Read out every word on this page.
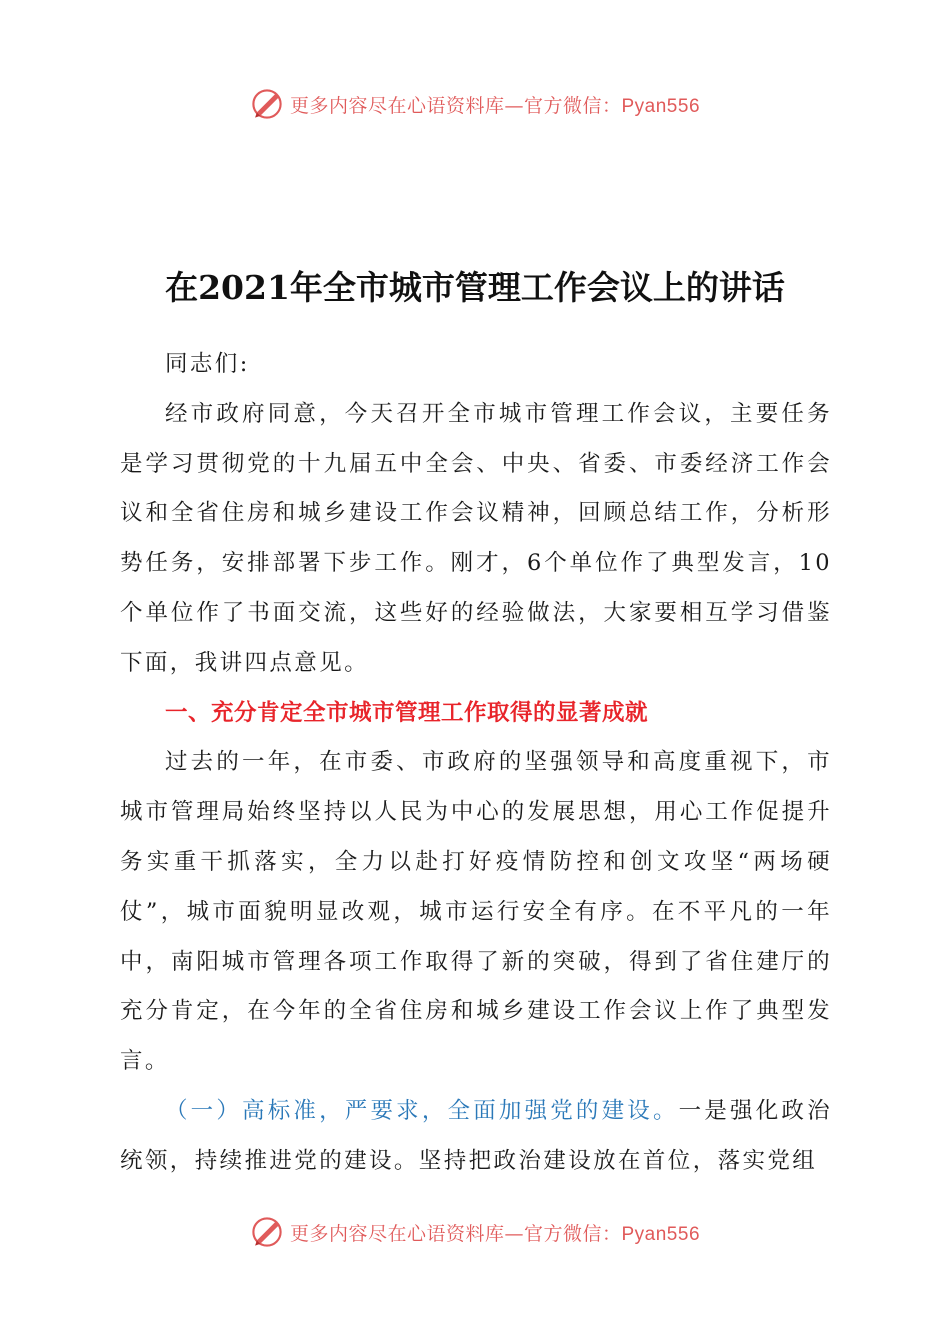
更多内容尽在心语资料库—官方微信：Pyan556
在2021年全市城市管理工作会议上的讲话

同志们:

经市政府同意，今天召开全市城市管理工作会议，主要任务是学习贯彻党的十九届五中全会、中央、省委、市委经济工作会议和全省住房和城乡建设工作会议精神，回顾总结工作，分析形势任务，安排部署下步工作。刚才，6个单位作了典型发言，10个单位作了书面交流，这些好的经验做法，大家要相互学习借鉴下面，我讲四点意见。

一、充分肯定全市城市管理工作取得的显著成就

过去的一年，在市委、市政府的坚强领导和高度重视下，市城市管理局始终坚持以人民为中心的发展思想，用心工作促提升务实重干抓落实，全力以赴打好疫情防控和创文攻坚“两场硬仗”，城市面貌明显改观，城市运行安全有序。在不平凡的一年中，南阳城市管理各项工作取得了新的突破，得到了省住建厅的充分肯定，在今年的全省住房和城乡建设工作会议上作了典型发言。

（一）高标准，严要求，全面加强党的建设。一是强化政治统领，持续推进党的建设。坚持把政治建设放在首位，落实党组

更多内容尽在心语资料库—官方微信：Pyan556
